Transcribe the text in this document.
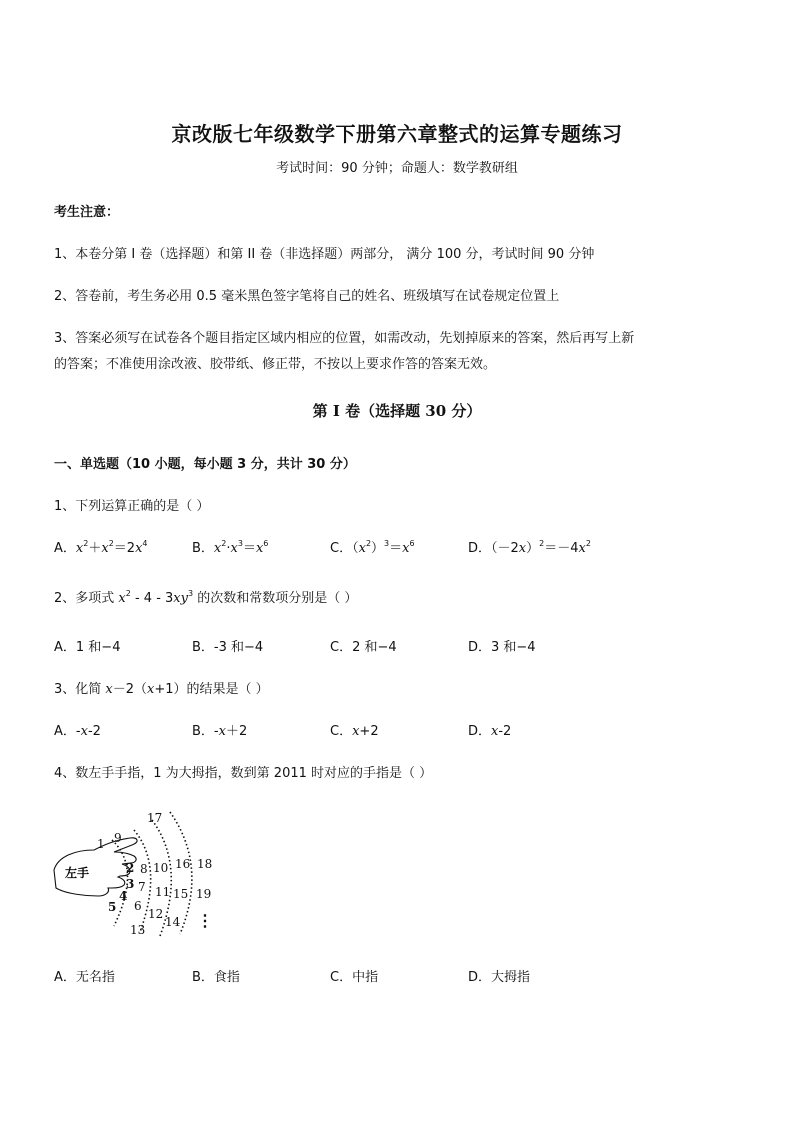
京改版七年级数学下册第六章整式的运算专题练习
考试时间：90 分钟；命题人：数学教研组
考生注意：
1、本卷分第 I 卷（选择题）和第 II 卷（非选择题）两部分， 满分 100 分，考试时间 90 分钟
2、答卷前，考生务必用 0.5 毫米黑色签字笔将自己的姓名、班级填写在试卷规定位置上
3、答案必须写在试卷各个题目指定区域内相应的位置，如需改动，先划掉原来的答案，然后再写上新
的答案；不准使用涂改液、胶带纸、修正带，不按以上要求作答的答案无效。
第 I 卷（选择题 30 分）
一、单选题（10 小题，每小题 3 分，共计 30 分）
1、下列运算正确的是（ ）
A．$x^2+x^2=2x^4$	B．$x^2\cdot x^3=x^6$	C．$(x^2)^3=x^6$	D．$(-2x)^2=-4x^2$
2、多项式 $x^2 - 4 - 3xy^3$ 的次数和常数项分别是（ ）
A．1 和−4	B．-3 和−4	C．2 和−4	D．3 和−4
3、化简 x－2（x+1）的结果是（ ）
A．-x-2	B．-x＋2	C．x+2	D．x-2
4、数左手手指，1 为大拇指，数到第 2011 时对应的手指是（ ）
左手
1
2
3
4
5 6
7
8
9
10
11
12
13
14
15
16
17
18
19
⋮
A．无名指	B．食指	C．中指	D．大拇指
